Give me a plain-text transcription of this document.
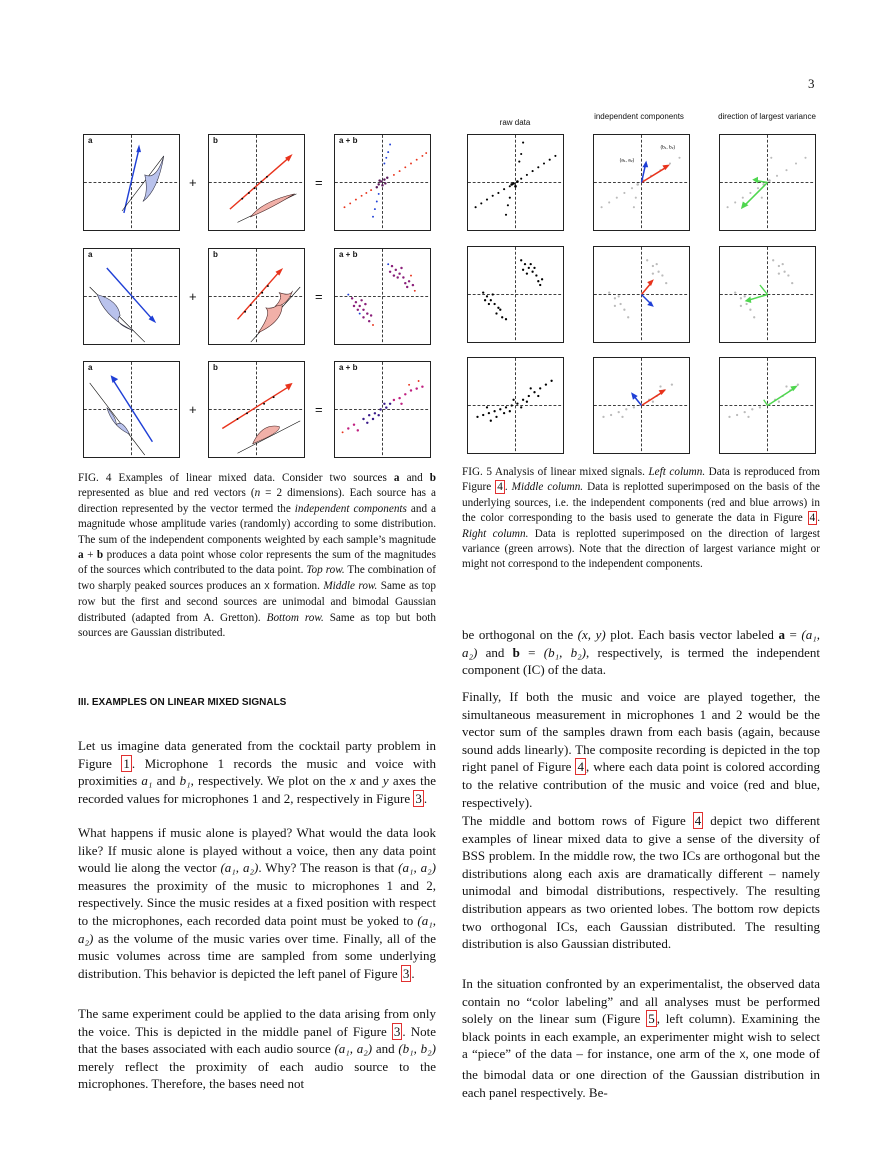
3
a
+
b
=
a + b
a
+
b
=
a + b
a
+
b
=
a + b
FIG. 4 Examples of linear mixed data. Consider two sources a and b represented as blue and red vectors (n = 2 dimensions). Each source has a direction represented by the vector termed the independent components and a magnitude whose amplitude varies (randomly) according to some distribution. The sum of the independent components weighted by each sample’s magnitude a + b produces a data point whose color represents the sum of the magnitudes of the sources which contributed to the data point. Top row. The combination of two sharply peaked sources produces an X formation. Middle row. Same as top row but the first and second sources are unimodal and bimodal Gaussian distributed (adapted from A. Gretton). Bottom row. Same as top but both sources are Gaussian distributed.
raw data
independent components	direction of largest variance
(a₁, a₂)
(b₁, b₂)
FIG. 5 Analysis of linear mixed signals. Left column. Data is reproduced from Figure 4 . Middle column. Data is replotted superimposed on the basis of the underlying sources, i.e. the independent components (red and blue arrows) in the color corresponding to the basis used to generate the data in Figure 4 . Right column. Data is replotted superimposed on the direction of largest variance (green arrows). Note that the direction of largest variance might or might not correspond to the independent components.
III. EXAMPLES ON LINEAR MIXED SIGNALS
Let us imagine data generated from the cocktail party problem in Figure 1 . Microphone 1 records the music and voice with proximities a₁ and b₁, respectively. We plot on the x and y axes the recorded values for microphones 1 and 2, respectively in Figure 3 .
What happens if music alone is played? What would the data look like? If music alone is played without a voice, then any data point would lie along the vector (a₁, a₂). Why? The reason is that (a₁, a₂) measures the proximity of the music to microphones 1 and 2, respectively. Since the music resides at a fixed position with respect to the microphones, each recorded data point must be yoked to (a₁, a₂) as the volume of the music varies over time. Finally, all of the music volumes across time are sampled from some underlying distribution. This behavior is depicted the left panel of Figure 3 .
The same experiment could be applied to the data arising from only the voice. This is depicted in the middle panel of Figure 3 . Note that the bases associated with each audio source (a₁, a₂) and (b₁, b₂) merely reflect the proximity of each audio source to the microphones. Therefore, the bases need not
be orthogonal on the (x, y) plot. Each basis vector labeled a = (a₁, a₂) and b = (b₁, b₂), respectively, is termed the independent component (IC) of the data.
Finally, If both the music and voice are played together, the simultaneous measurement in microphones 1 and 2 would be the vector sum of the samples drawn from each basis (again, because sound adds linearly). The composite recording is depicted in the top right panel of Figure 4 , where each data point is colored according to the relative contribution of the music and voice (red and blue, respectively).
The middle and bottom rows of Figure 4 depict two different examples of linear mixed data to give a sense of the diversity of BSS problem. In the middle row, the two ICs are orthogonal but the distributions along each axis are dramatically different – namely unimodal and bimodal distributions, respectively. The resulting distribution appears as two oriented lobes. The bottom row depicts two orthogonal ICs, each Gaussian distributed. The resulting distribution is also Gaussian distributed.
In the situation confronted by an experimentalist, the observed data contain no “color labeling” and all analyses must be performed solely on the linear sum (Figure 5 , left column). Examining the black points in each example, an experimenter might wish to select a “piece” of the data – for instance, one arm of the X, one mode of the bimodal data or one direction of the Gaussian distribution in each panel respectively. Be-
